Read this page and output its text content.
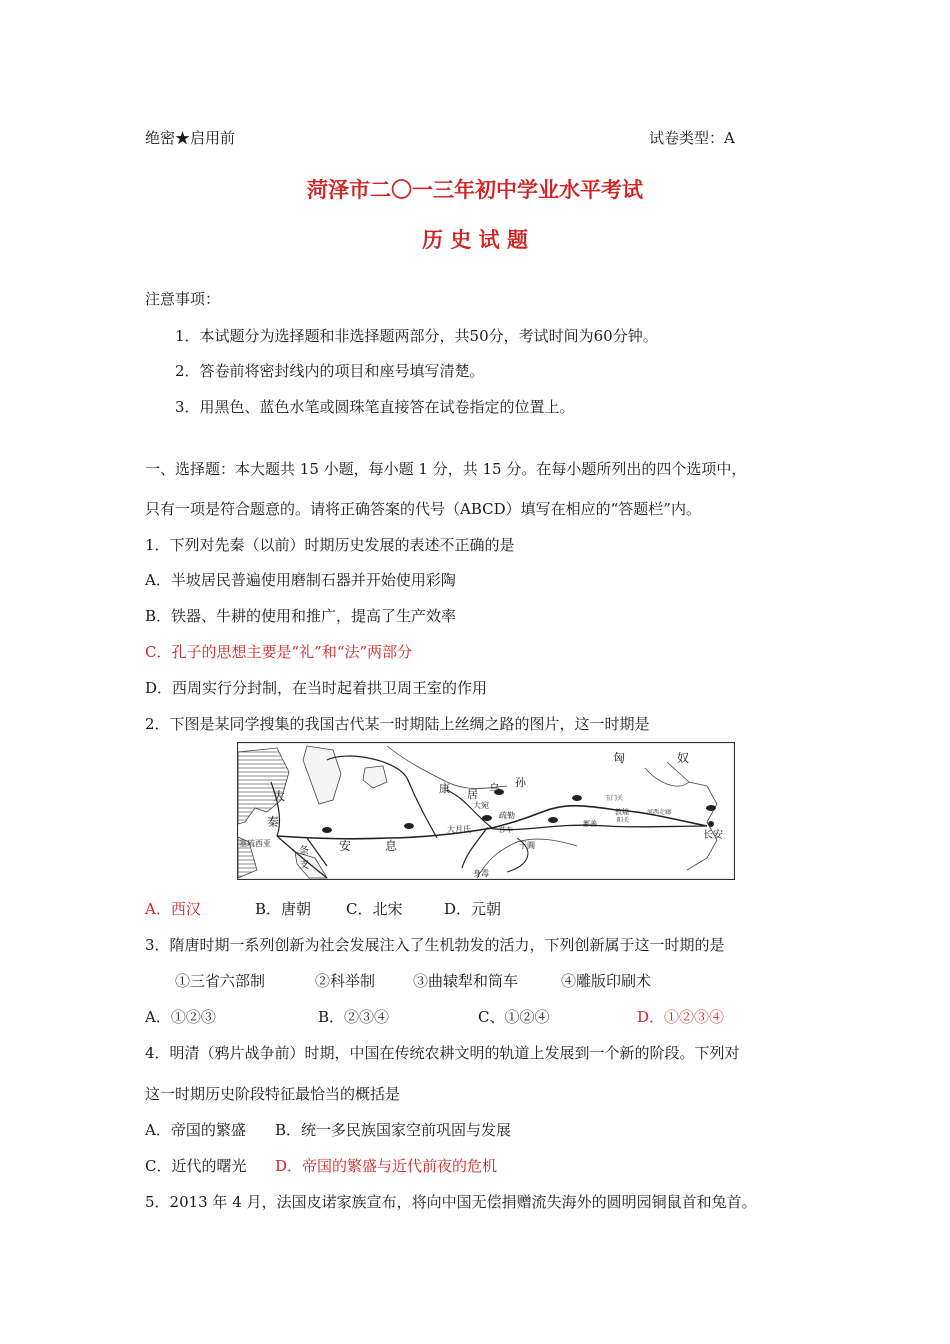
绝密★启用前	试卷类型：A
菏泽市二〇一三年初中学业水平考试
历 史 试 题
注意事项：
1．本试题分为选择题和非选择题两部分，共50分，考试时间为60分钟。
2．答卷前将密封线内的项目和座号填写清楚。
3．用黑色、蓝色水笔或圆珠笔直接答在试卷指定的位置上。
一、选择题：本大题共 15 小题，每小题 1 分，共 15 分。在每小题所列出的四个选项中，
只有一项是符合题意的。请将正确答案的代号（ABCD）填写在相应的“答题栏”内。
1．下列对先秦（以前）时期历史发展的表述不正确的是
A．半坡居民普遍使用磨制石器并开始使用彩陶
B．铁器、牛耕的使用和推广，提高了生产效率
C．孔子的思想主要是“礼”和“法”两部分
D．西周实行分封制，在当时起着拱卫周王室的作用
2．下图是某同学搜集的我国古代某一时期陆上丝绸之路的图片，这一时期是
匈	奴
大
秦
康 居 乌 孙
大宛
疏勒
莎车
大月氏
玉门关
敦煌
阳关
鄯善
河西走廊
长安
于阗
塞琉西亚	安	息
条
支
身毒
A．西汉	B．唐朝 C．北宋	D．元朝
3．隋唐时期一系列创新为社会发展注入了生机勃发的活力，下列创新属于这一时期的是
①三省六部制	②科举制	③曲辕犁和筒车	④雕版印刷术
A．①②③	B．②③④	C、①②④	D．①②③④
4．明清（鸦片战争前）时期，中国在传统农耕文明的轨道上发展到一个新的阶段。下列对
这一时期历史阶段特征最恰当的概括是
A．帝国的繁盛 B．统一多民族国家空前巩固与发展
C．近代的曙光 D．帝国的繁盛与近代前夜的危机
5．2013 年 4 月，法国皮诺家族宣布，将向中国无偿捐赠流失海外的圆明园铜鼠首和兔首。
